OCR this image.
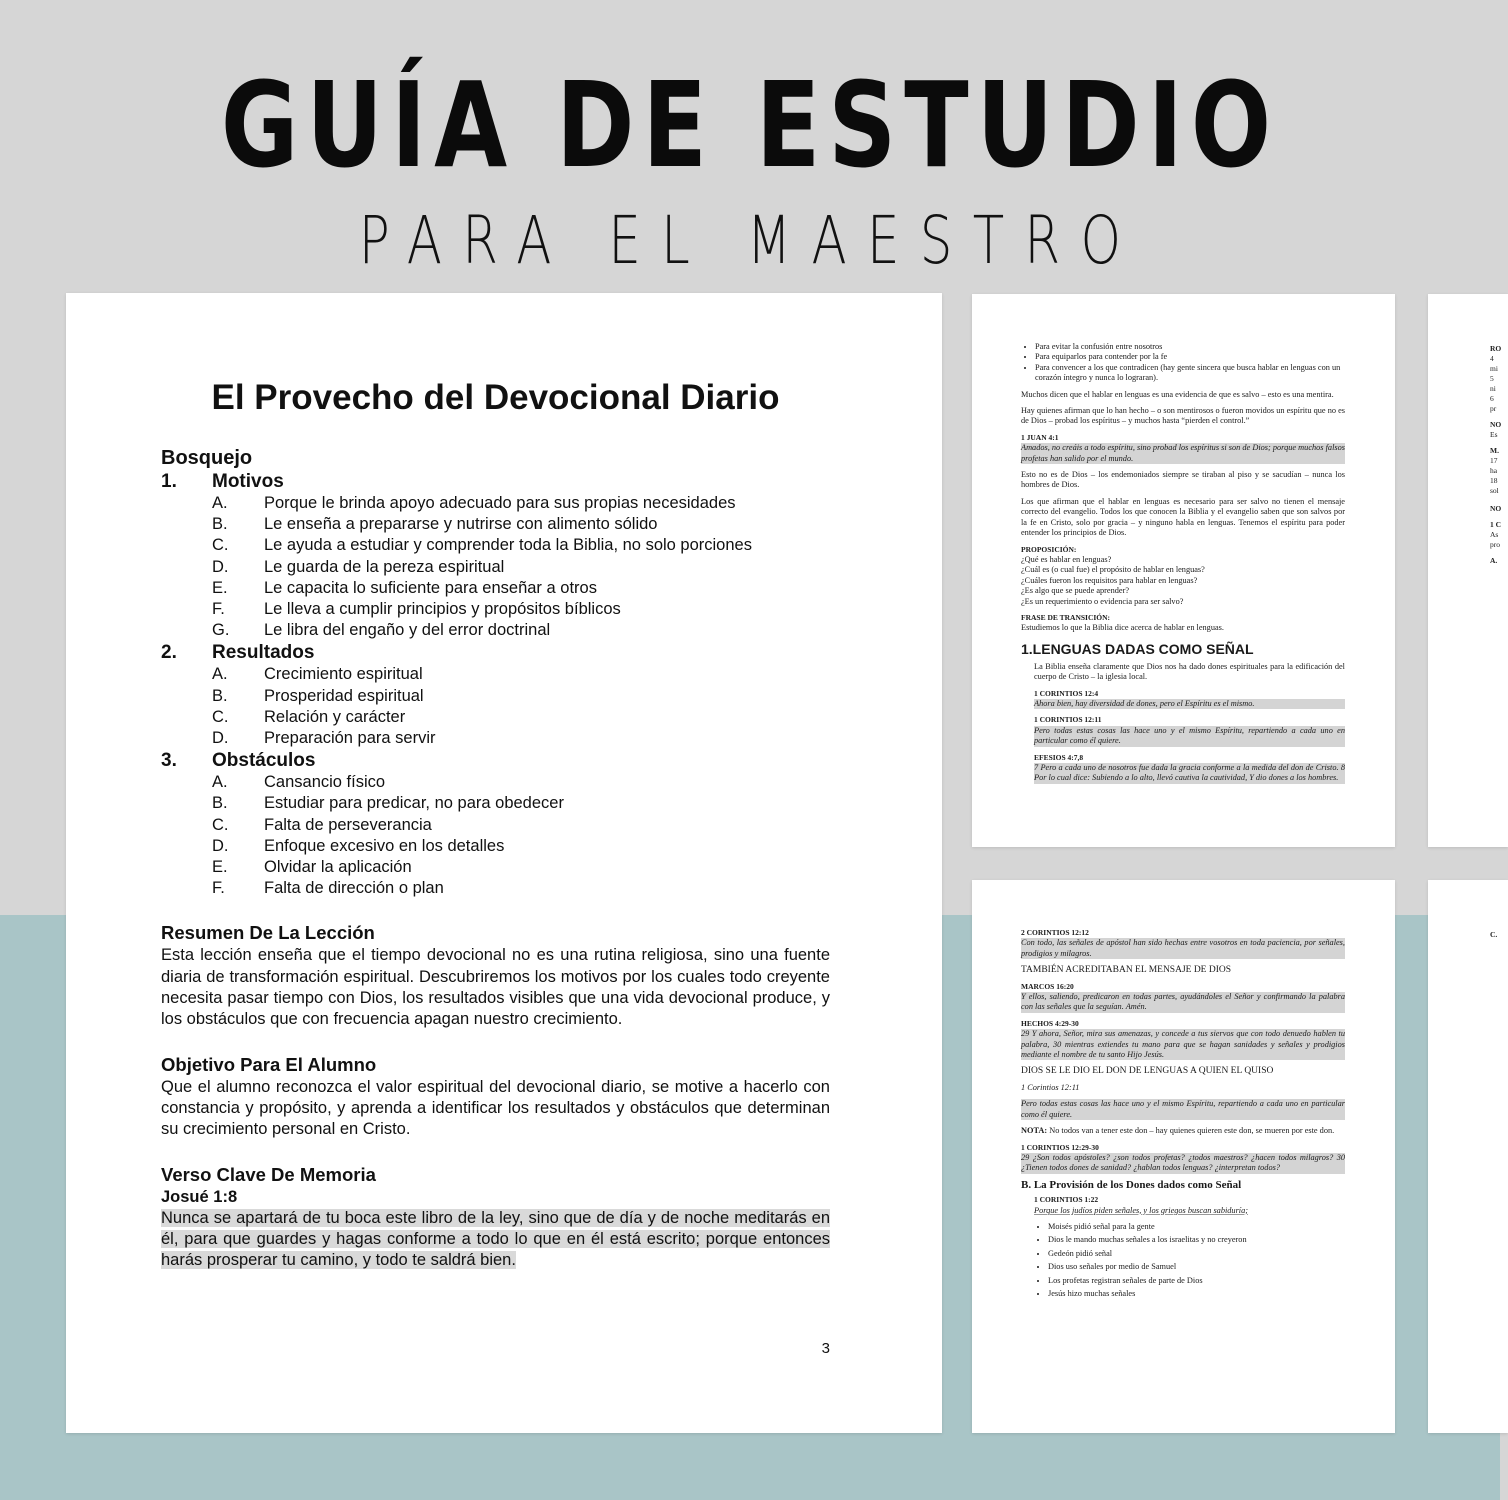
GUÍA DE ESTUDIO
PARA EL MAESTRO
El Provecho del Devocional Diario
Bosquejo
1.	Motivos
A.	Porque le brinda apoyo adecuado para sus propias necesidades
B.	Le enseña a prepararse y nutrirse con alimento sólido
C.	Le ayuda a estudiar y comprender toda la Biblia, no solo porciones
D.	Le guarda de la pereza espiritual
E.	Le capacita lo suficiente para enseñar a otros
F.	Le lleva a cumplir principios y propósitos bíblicos
G.	Le libra del engaño y del error doctrinal
2.	Resultados
A.	Crecimiento espiritual
B.	Prosperidad espiritual
C.	Relación y carácter
D.	Preparación para servir
3.	Obstáculos
A.	Cansancio físico
B.	Estudiar para predicar, no para obedecer
C.	Falta de perseverancia
D.	Enfoque excesivo en los detalles
E.	Olvidar la aplicación
F.	Falta de dirección o plan
Resumen De La Lección

Esta lección enseña que el tiempo devocional no es una rutina religiosa, sino una fuente diaria de transformación espiritual. Descubriremos los motivos por los cuales todo creyente necesita pasar tiempo con Dios, los resultados visibles que una vida devocional produce, y los obstáculos que con frecuencia apagan nuestro crecimiento.

Objetivo Para El Alumno

Que el alumno reconozca el valor espiritual del devocional diario, se motive a hacerlo con constancia y propósito, y aprenda a identificar los resultados y obstáculos que determinan su crecimiento personal en Cristo.

Verso Clave De Memoria
Josué 1:8

Nunca se apartará de tu boca este libro de la ley, sino que de día y de noche meditarás en él, para que guardes y hagas conforme a todo lo que en él está escrito; porque entonces harás prosperar tu camino, y todo te saldrá bien.

3
• Para evitar la confusión entre nosotros
• Para equiparlos para contender por la fe
• Para convencer a los que contradicen (hay gente sincera que busca hablar en lenguas con un corazón íntegro y nunca lo lograran).

Muchos dicen que el hablar en lenguas es una evidencia de que es salvo – esto es una mentira.

Hay quienes afirman que lo han hecho – o son mentirosos o fueron movidos un espíritu que no es de Dios – probad los espíritus – y muchos hasta “pierden el control.”

1 JUAN 4:1

Amados, no creáis a todo espíritu, sino probad los espíritus si son de Dios; porque muchos falsos profetas han salido por el mundo.

Esto no es de Dios – los endemoniados siempre se tiraban al piso y se sacudían – nunca los hombres de Dios.

Los que afirman que el hablar en lenguas es necesario para ser salvo no tienen el mensaje correcto del evangelio. Todos los que conocen la Biblia y el evangelio saben que son salvos por la fe en Cristo, solo por gracia – y ninguno habla en lenguas. Tenemos el espíritu para poder entender los principios de Dios.

PROPOSICIÓN:
¿Qué es hablar en lenguas?
¿Cuál es (o cual fue) el propósito de hablar en lenguas?
¿Cuáles fueron los requisitos para hablar en lenguas?
¿Es algo que se puede aprender?
¿Es un requerimiento o evidencia para ser salvo?
FRASE DE TRANSICIÓN:
Estudiemos lo que la Biblia dice acerca de hablar en lenguas.
1.LENGUAS DADAS COMO SEÑAL

La Biblia enseña claramente que Dios nos ha dado dones espirituales para la edificación del cuerpo de Cristo – la iglesia local.

1 CORINTIOS 12:4

Ahora bien, hay diversidad de dones, pero el Espíritu es el mismo.

1 CORINTIOS 12:11

Pero todas estas cosas las hace uno y el mismo Espíritu, repartiendo a cada uno en particular como él quiere.

EFESIOS 4:7,8

7 Pero a cada uno de nosotros fue dada la gracia conforme a la medida del don de Cristo. 8 Por lo cual dice: Subiendo a lo alto, llevó cautiva la cautividad, Y dio dones a los hombres.

2 CORINTIOS 12:12

Con todo, las señales de apóstol han sido hechas entre vosotros en toda paciencia, por señales, prodigios y milagros.

TAMBIÉN ACREDITABAN EL MENSAJE DE DIOS
MARCOS 16:20

Y ellos, saliendo, predicaron en todas partes, ayudándoles el Señor y confirmando la palabra con las señales que la seguían. Amén.

HECHOS 4:29-30

29 Y ahora, Señor, mira sus amenazas, y concede a tus siervos que con todo denuedo hablen tu palabra, 30 mientras extiendes tu mano para que se hagan sanidades y señales y prodigios mediante el nombre de tu santo Hijo Jesús.

DIOS SE LE DIO EL DON DE LENGUAS A QUIEN EL QUISO
1 Corintios 12:11

Pero todas estas cosas las hace uno y el mismo Espíritu, repartiendo a cada uno en particular como él quiere.

NOTA: No todos van a tener este don – hay quienes quieren este don, se mueren por este don.

1 CORINTIOS 12:29-30

29 ¿Son todos apóstoles? ¿son todos profetas? ¿todos maestros? ¿hacen todos milagros? 30 ¿Tienen todos dones de sanidad? ¿hablan todos lenguas? ¿interpretan todos?

B. La Provisión de los Dones dados como Señal
1 CORINTIOS 1:22

Porque los judíos piden señales, y los griegos buscan sabiduría;

• Moisés pidió señal para la gente
• Dios le mando muchas señales a los israelitas y no creyeron
• Gedeón pidió señal
• Dios uso señales por medio de Samuel
• Los profetas registran señales de parte de Dios
• Jesús hizo muchas señales
RO
4
mi
5
ni
6
pr
NO
Es
M.
17
ha
18
sol
NO
1 C
As
pro
A.
C.
